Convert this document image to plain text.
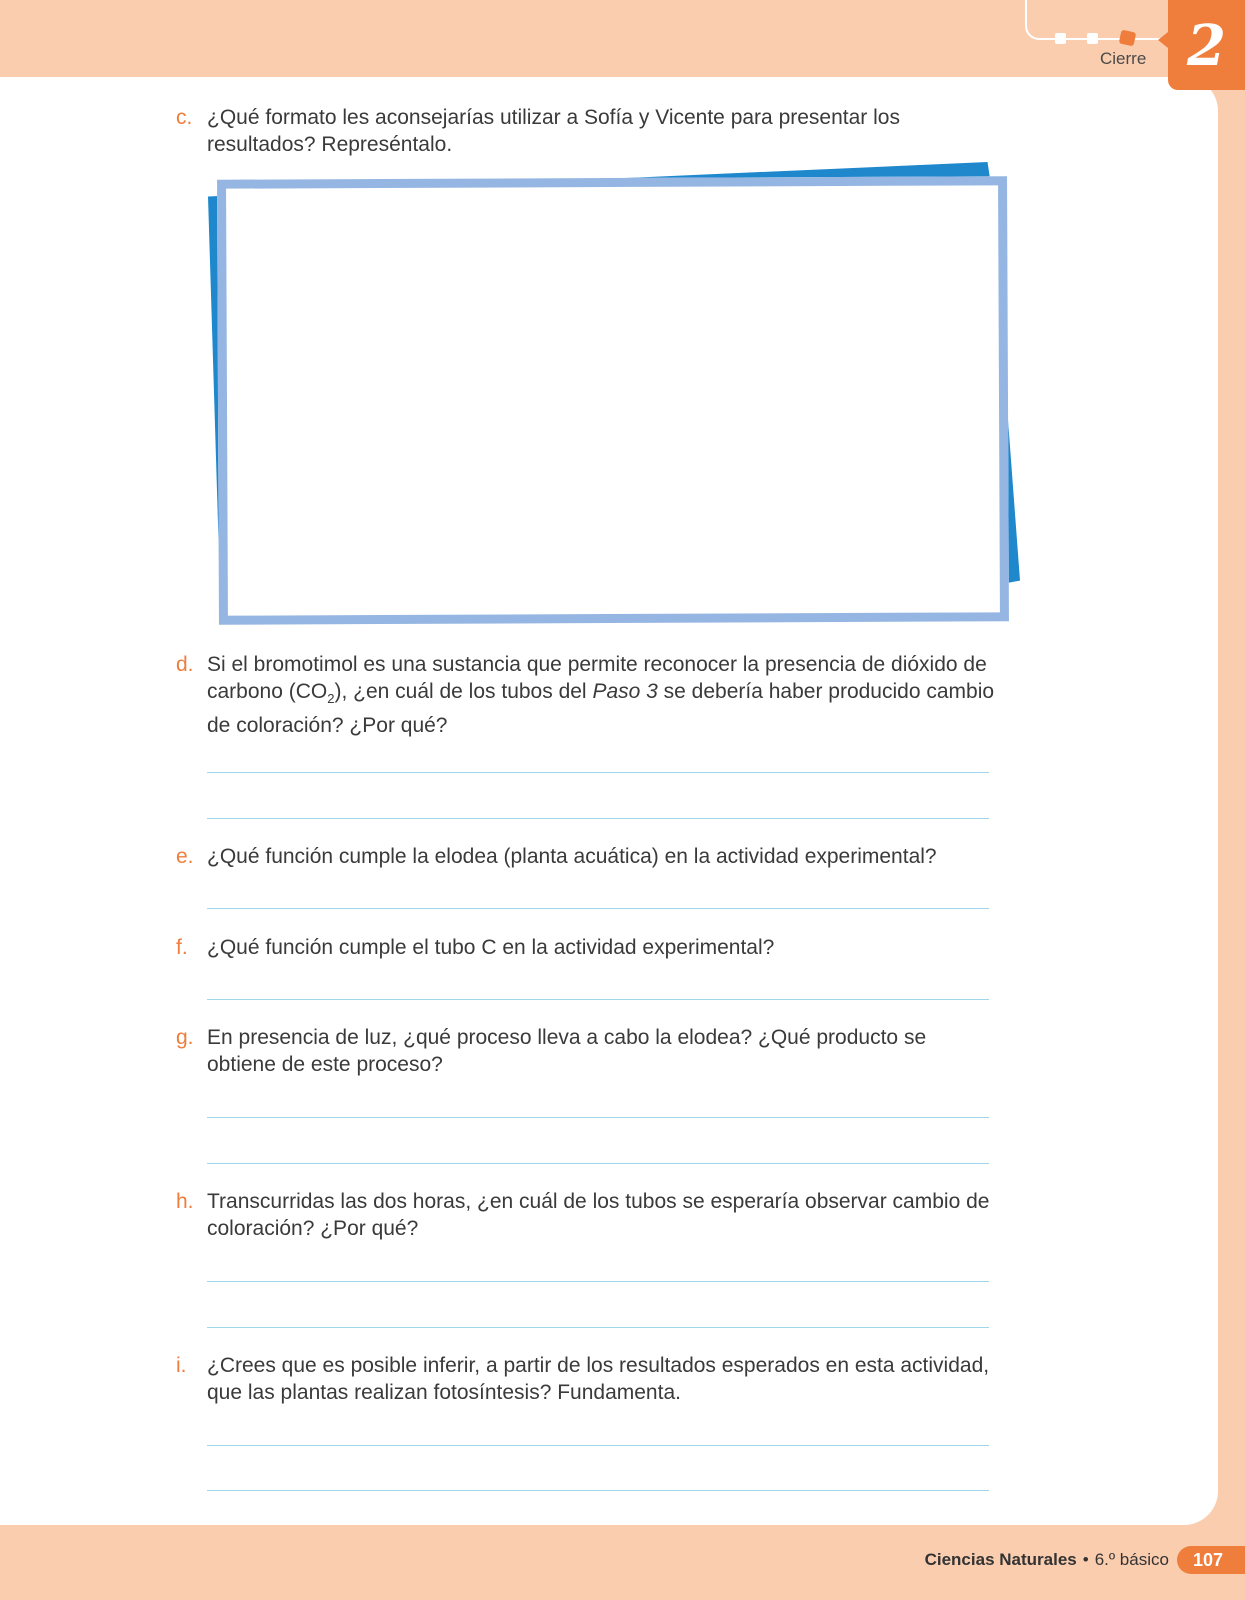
Cierre 2
c. ¿Qué formato les aconsejarías utilizar a Sofía y Vicente para presentar los resultados? Represéntalo.
d. Si el bromotimol es una sustancia que permite reconocer la presencia de dióxido de carbono $(CO_2)$, ¿en cuál de los tubos del Paso 3 se debería haber producido cambio de coloración? ¿Por qué?
e. ¿Qué función cumple la elodea (planta acuática) en la actividad experimental?
f. ¿Qué función cumple el tubo C en la actividad experimental?
g. En presencia de luz, ¿qué proceso lleva a cabo la elodea? ¿Qué producto se obtiene de este proceso?
h. Transcurridas las dos horas, ¿en cuál de los tubos se esperaría observar cambio de coloración? ¿Por qué?
i. ¿Crees que es posible inferir, a partir de los resultados esperados en esta actividad, que las plantas realizan fotosíntesis? Fundamenta.
Ciencias Naturales • 6.º básico	107
